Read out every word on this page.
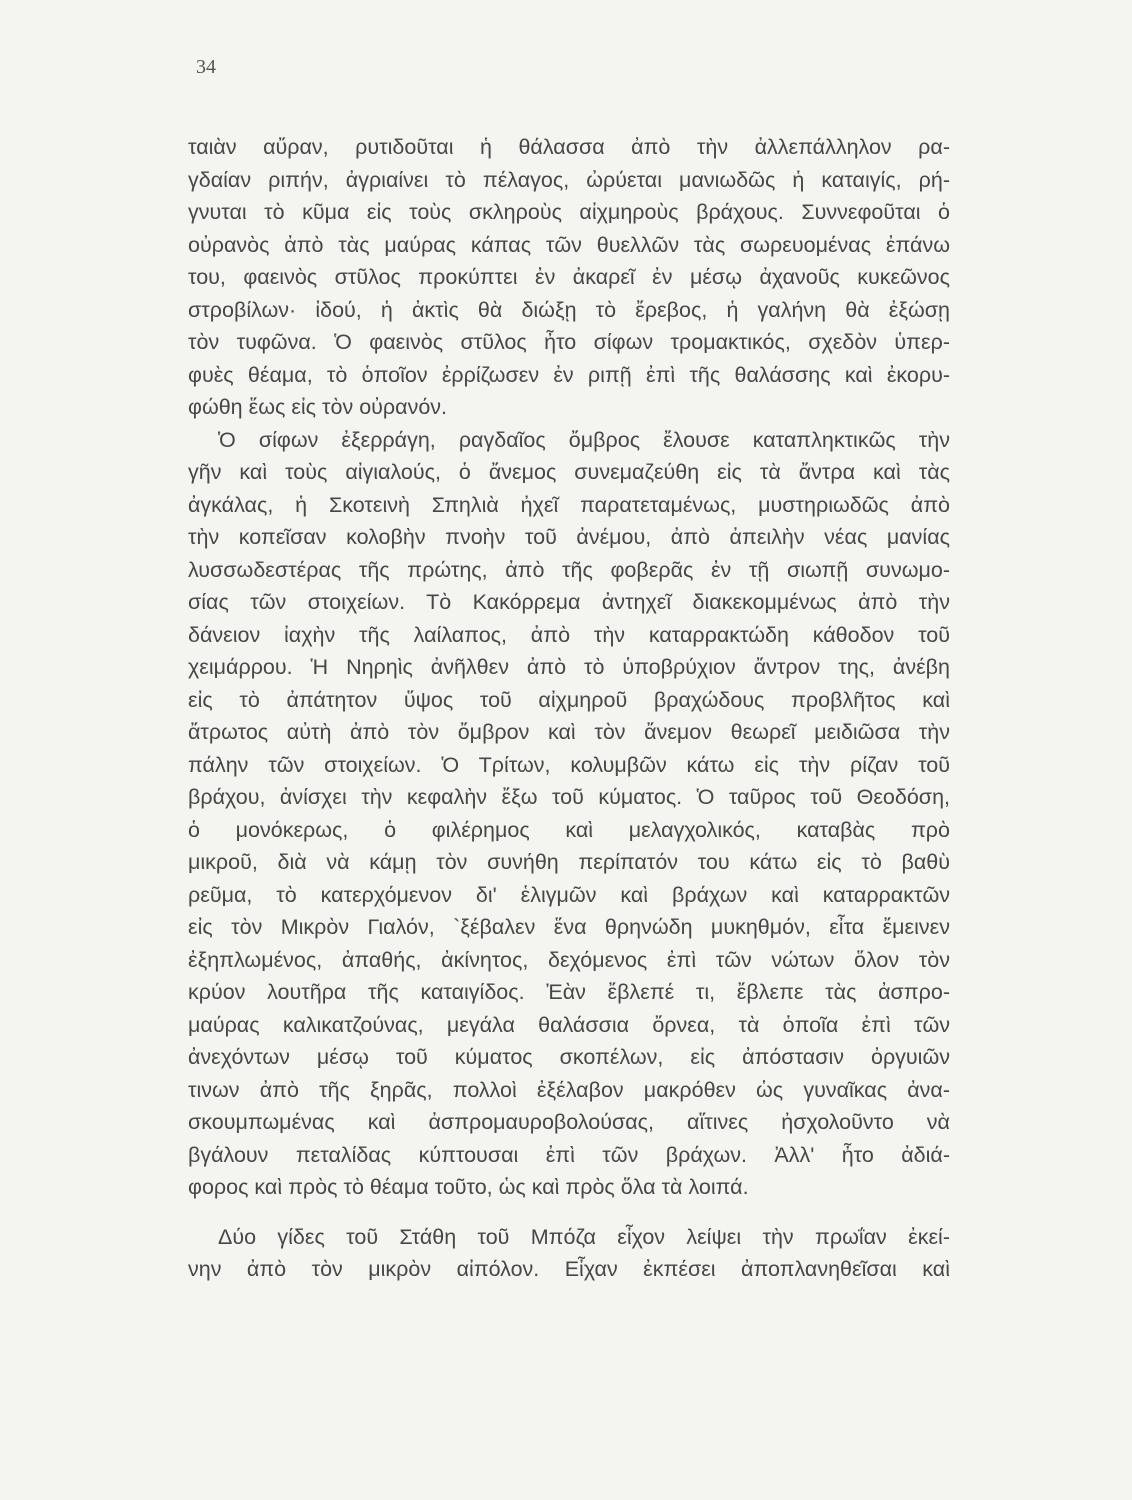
34
ταιὰν αὔραν, ρυτιδοῦται ἡ θάλασσα ἀπὸ τὴν ἀλλεπάλληλον ρα-
γδαίαν ριπήν, ἀγριαίνει τὸ πέλαγος, ὠρύεται μανιωδῶς ἡ καταιγίς, ρή-
γνυται τὸ κῦμα εἰς τοὺς σκληροὺς αἰχμηροὺς βράχους. Συννεφοῦται ὁ
οὐρανὸς ἀπὸ τὰς μαύρας κάπας τῶν θυελλῶν τὰς σωρευομένας ἐπάνω
του, φαεινὸς στῦλος προκύπτει ἐν ἀκαρεῖ ἐν μέσῳ ἀχανοῦς κυκεῶνος
στροβίλων· ἰδού, ἡ ἀκτὶς θὰ διώξῃ τὸ ἔρεβος, ἡ γαλήνη θὰ ἐξώσῃ
τὸν τυφῶνα. Ὁ φαεινὸς στῦλος ἦτο σίφων τρομακτικός, σχεδὸν ὑπερ-
φυὲς θέαμα, τὸ ὁποῖον ἐρρίζωσεν ἐν ριπῇ ἐπὶ τῆς θαλάσσης καὶ ἐκορυ-
φώθη ἕως εἰς τὸν οὐρανόν.
Ὁ σίφων ἐξερράγη, ραγδαῖος ὄμβρος ἔλουσε καταπληκτικῶς τὴν
γῆν καὶ τοὺς αἰγιαλούς, ὁ ἄνεμος συνεμαζεύθη εἰς τὰ ἄντρα καὶ τὰς
ἀγκάλας, ἡ Σκοτεινὴ Σπηλιὰ ἠχεῖ παρατεταμένως, μυστηριωδῶς ἀπὸ
τὴν κοπεῖσαν κολοβὴν πνοὴν τοῦ ἀνέμου, ἀπὸ ἀπειλὴν νέας μανίας
λυσσωδεστέρας τῆς πρώτης, ἀπὸ τῆς φοβερᾶς ἐν τῇ σιωπῇ συνωμο-
σίας τῶν στοιχείων. Τὸ Κακόρρεμα ἀντηχεῖ διακεκομμένως ἀπὸ τὴν
δάνειον ἰαχὴν τῆς λαίλαπος, ἀπὸ τὴν καταρρακτώδη κάθοδον τοῦ
χειμάρρου. Ἡ Νηρηὶς ἀνῆλθεν ἀπὸ τὸ ὑποβρύχιον ἄντρον της, ἀνέβη
εἰς τὸ ἀπάτητον ὕψος τοῦ αἰχμηροῦ βραχώδους προβλῆτος καὶ
ἄτρωτος αὐτὴ ἀπὸ τὸν ὄμβρον καὶ τὸν ἄνεμον θεωρεῖ μειδιῶσα τὴν
πάλην τῶν στοιχείων. Ὁ Τρίτων, κολυμβῶν κάτω εἰς τὴν ρίζαν τοῦ
βράχου, ἀνίσχει τὴν κεφαλὴν ἔξω τοῦ κύματος. Ὁ ταῦρος τοῦ Θεοδόση,
ὁ μονόκερως, ὁ φιλέρημος καὶ μελαγχολικός, καταβὰς πρὸ
μικροῦ, διὰ νὰ κάμῃ τὸν συνήθη περίπατόν του κάτω εἰς τὸ βαθὺ
ρεῦμα, τὸ κατερχόμενον δι' ἑλιγμῶν καὶ βράχων καὶ καταρρακτῶν
εἰς τὸν Μικρὸν Γιαλόν, `ξέβαλεν ἕνα θρηνώδη μυκηθμόν, εἶτα ἔμεινεν
ἐξηπλωμένος, ἀπαθής, ἀκίνητος, δεχόμενος ἐπὶ τῶν νώτων ὅλον τὸν
κρύον λουτῆρα τῆς καταιγίδος. Ἐὰν ἔβλεπέ τι, ἔβλεπε τὰς ἀσπρο-
μαύρας καλικατζούνας, μεγάλα θαλάσσια ὄρνεα, τὰ ὁποῖα ἐπὶ τῶν
ἀνεχόντων μέσῳ τοῦ κύματος σκοπέλων, εἰς ἀπόστασιν ὀργυιῶν
τινων ἀπὸ τῆς ξηρᾶς, πολλοὶ ἐξέλαβον μακρόθεν ὡς γυναῖκας ἀνα-
σκουμπωμένας καὶ ἀσπρομαυροβολούσας, αἵτινες ἠσχολοῦντο νὰ
βγάλουν πεταλίδας κύπτουσαι ἐπὶ τῶν βράχων. Ἀλλ' ἦτο ἀδιά-
φορος καὶ πρὸς τὸ θέαμα τοῦτο, ὡς καὶ πρὸς ὅλα τὰ λοιπά.
Δύο γίδες τοῦ Στάθη τοῦ Μπόζα εἶχον λείψει τὴν πρωΐαν ἐκεί-
νην ἀπὸ τὸν μικρὸν αἰπόλον. Εἶχαν ἐκπέσει ἀποπλανηθεῖσαι καὶ
